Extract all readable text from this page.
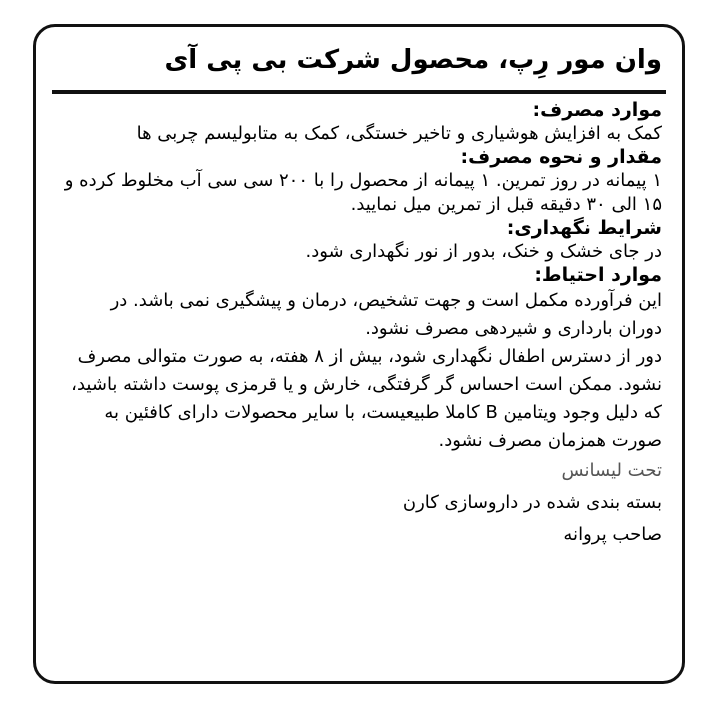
وان مور رِپ، محصول شرکت بی پی آی

موارد مصرف:

کمک به افزایش هوشیاری و تاخیر خستگی، کمک به متابولیسم چربی ها

مقدار و نحوه مصرف:

۱ پیمانه در روز تمرین. ۱ پیمانه از محصول را با ۲۰۰ سی سی آب مخلوط کرده و ۱۵ الی ۳۰ دقیقه قبل از تمرین میل نمایید.

شرایط نگهداری:

در جای خشک و خنک، بدور از نور نگهداری شود.

موارد احتیاط:

این فرآورده مکمل است و جهت تشخیص، درمان و پیشگیری نمی باشد. در دوران بارداری و شیردهی مصرف نشود.

دور از دسترس اطفال نگهداری شود، بیش از ۸ هفته، به صورت متوالی مصرف نشود. ممکن است احساس گر گرفتگی، خارش و یا قرمزی پوست داشته باشید، که دلیل وجود ویتامین B کاملا طبیعیست، با سایر محصولات دارای کافئین به صورت همزمان مصرف نشود.

تحت لیسانس

بسته بندی شده در داروسازی کارن

صاحب پروانه
